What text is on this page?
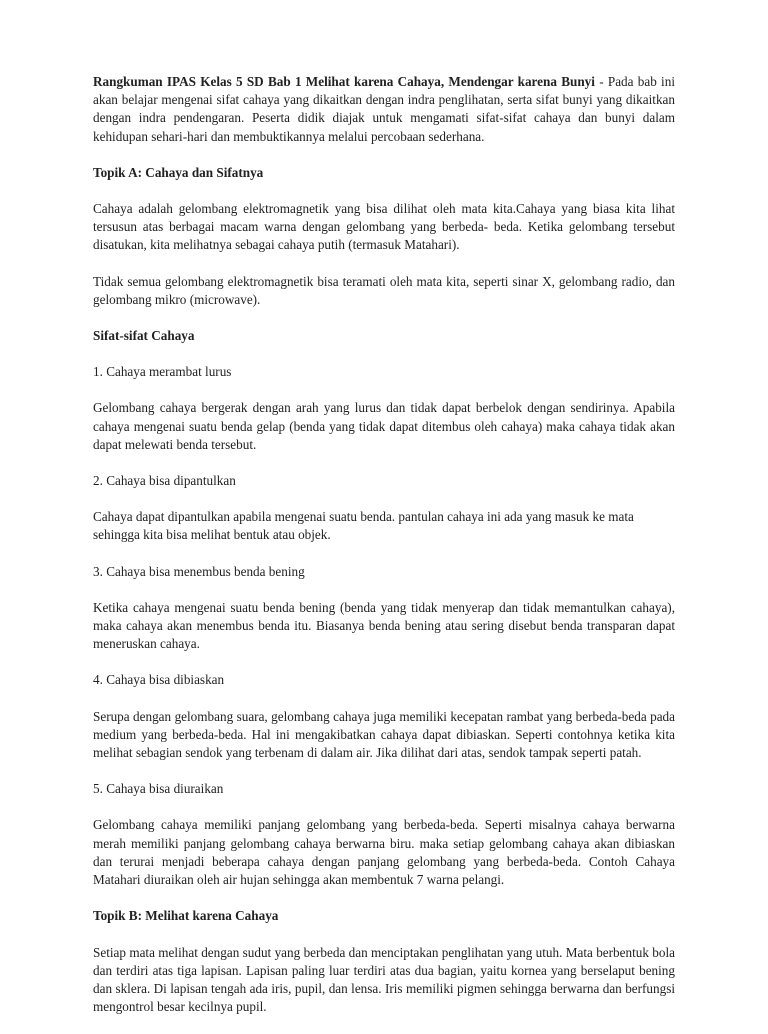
Rangkuman IPAS Kelas 5 SD Bab 1 Melihat karena Cahaya, Mendengar karena Bunyi - Pada bab ini akan belajar mengenai sifat cahaya yang dikaitkan dengan indra penglihatan, serta sifat bunyi yang dikaitkan dengan indra pendengaran. Peserta didik diajak untuk mengamati sifat-sifat cahaya dan bunyi dalam kehidupan sehari-hari dan membuktikannya melalui percobaan sederhana.

Topik A: Cahaya dan Sifatnya

Cahaya adalah gelombang elektromagnetik yang bisa dilihat oleh mata kita.Cahaya yang biasa kita lihat tersusun atas berbagai macam warna dengan gelombang yang berbeda- beda. Ketika gelombang tersebut disatukan, kita melihatnya sebagai cahaya putih (termasuk Matahari).

Tidak semua gelombang elektromagnetik bisa teramati oleh mata kita, seperti sinar X, gelombang radio, dan gelombang mikro (microwave).

Sifat-sifat Cahaya

1. Cahaya merambat lurus

Gelombang cahaya bergerak dengan arah yang lurus dan tidak dapat berbelok dengan sendirinya. Apabila cahaya mengenai suatu benda gelap (benda yang tidak dapat ditembus oleh cahaya) maka cahaya tidak akan dapat melewati benda tersebut.

2. Cahaya bisa dipantulkan

Cahaya dapat dipantulkan apabila mengenai suatu benda. pantulan cahaya ini ada yang masuk ke mata sehingga kita bisa melihat bentuk atau objek.

3. Cahaya bisa menembus benda bening

Ketika cahaya mengenai suatu benda bening (benda yang tidak menyerap dan tidak memantulkan cahaya), maka cahaya akan menembus benda itu. Biasanya benda bening atau sering disebut benda transparan dapat meneruskan cahaya.

4. Cahaya bisa dibiaskan

Serupa dengan gelombang suara, gelombang cahaya juga memiliki kecepatan rambat yang berbeda-beda pada medium yang berbeda-beda. Hal ini mengakibatkan cahaya dapat dibiaskan. Seperti contohnya ketika kita melihat sebagian sendok yang terbenam di dalam air. Jika dilihat dari atas, sendok tampak seperti patah.

5. Cahaya bisa diuraikan

Gelombang cahaya memiliki panjang gelombang yang berbeda-beda. Seperti misalnya cahaya berwarna merah memiliki panjang gelombang cahaya berwarna biru. maka setiap gelombang cahaya akan dibiaskan dan terurai menjadi beberapa cahaya dengan panjang gelombang yang berbeda-beda. Contoh Cahaya Matahari diuraikan oleh air hujan sehingga akan membentuk 7 warna pelangi.

Topik B: Melihat karena Cahaya

Setiap mata melihat dengan sudut yang berbeda dan menciptakan penglihatan yang utuh. Mata berbentuk bola dan terdiri atas tiga lapisan. Lapisan paling luar terdiri atas dua bagian, yaitu kornea yang berselaput bening dan sklera. Di lapisan tengah ada iris, pupil, dan lensa. Iris memiliki pigmen sehingga berwarna dan berfungsi mengontrol besar kecilnya pupil.
